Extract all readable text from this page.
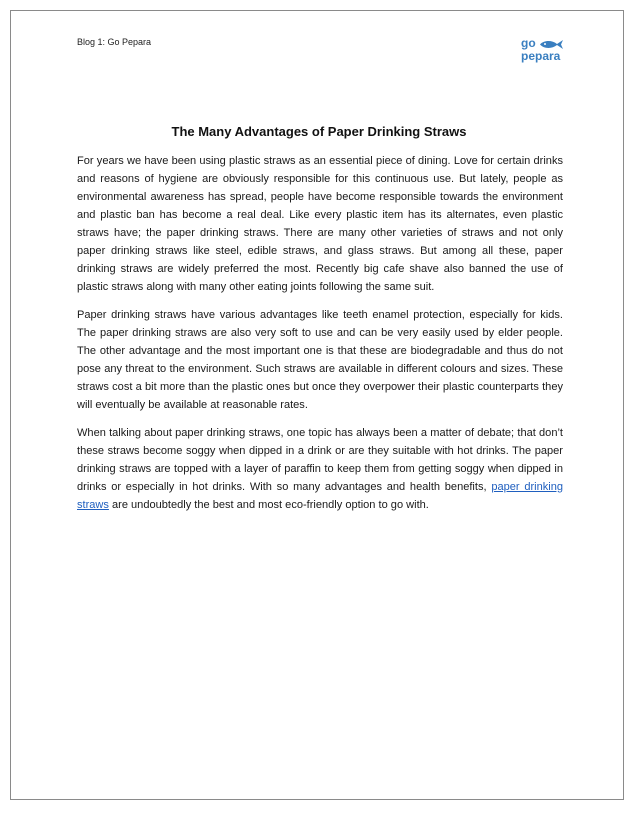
Blog 1: Go Pepara	go
pepara
The Many Advantages of Paper Drinking Straws

For years we have been using plastic straws as an essential piece of dining. Love for certain drinks and reasons of hygiene are obviously responsible for this continuous use. But lately, people as environmental awareness has spread, people have become responsible towards the environment and plastic ban has become a real deal. Like every plastic item has its alternates, even plastic straws have; the paper drinking straws. There are many other varieties of straws and not only paper drinking straws like steel, edible straws, and glass straws. But among all these, paper drinking straws are widely preferred the most. Recently big cafe shave also banned the use of plastic straws along with many other eating joints following the same suit.

Paper drinking straws have various advantages like teeth enamel protection, especially for kids. The paper drinking straws are also very soft to use and can be very easily used by elder people. The other advantage and the most important one is that these are biodegradable and thus do not pose any threat to the environment. Such straws are available in different colours and sizes. These straws cost a bit more than the plastic ones but once they overpower their plastic counterparts they will eventually be available at reasonable rates.

When talking about paper drinking straws, one topic has always been a matter of debate; that don’t these straws become soggy when dipped in a drink or are they suitable with hot drinks. The paper drinking straws are topped with a layer of paraffin to keep them from getting soggy when dipped in drinks or especially in hot drinks. With so many advantages and health benefits, paper drinking straws are undoubtedly the best and most eco-friendly option to go with.
